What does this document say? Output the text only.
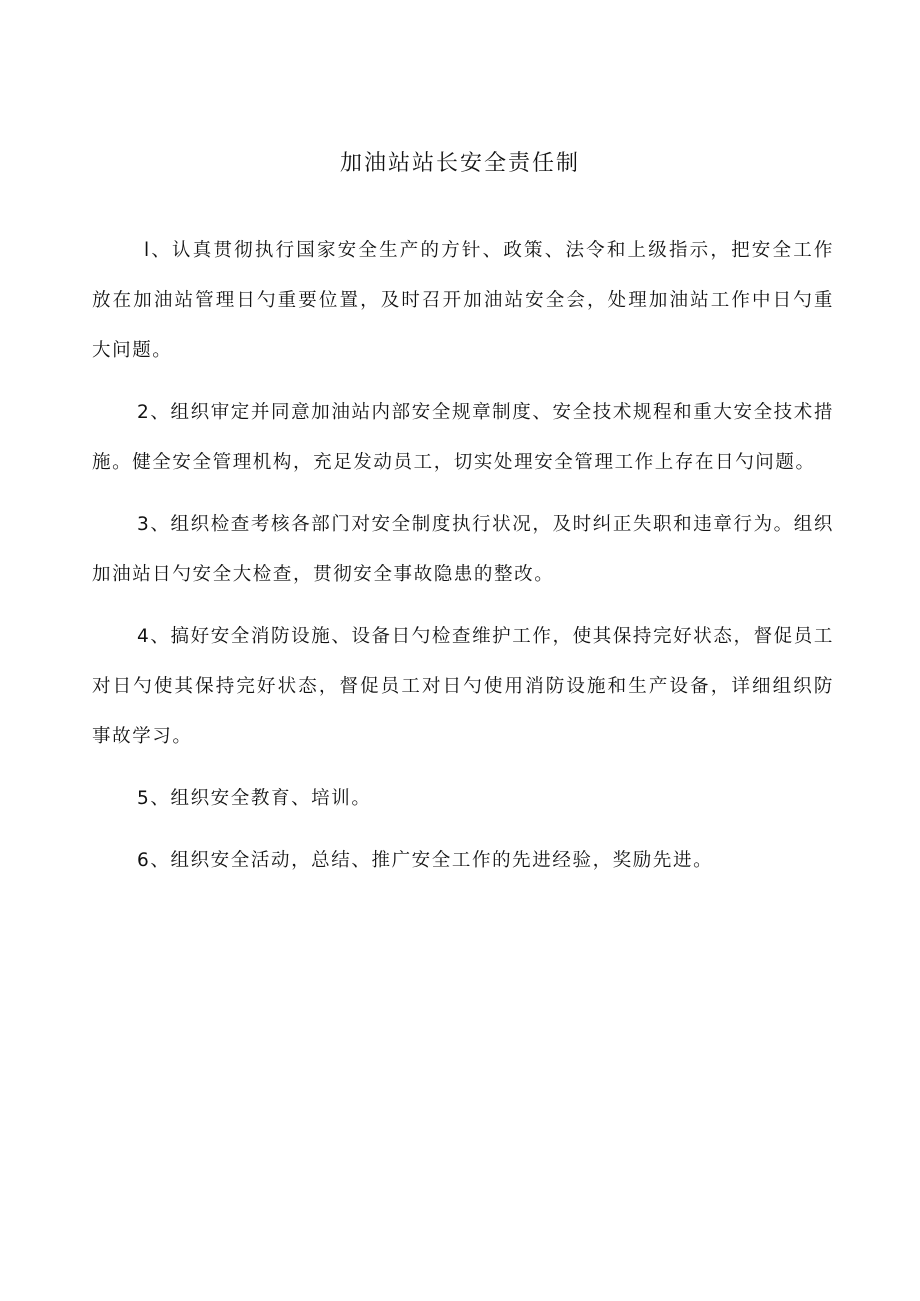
加油站站长安全责任制

l、认真贯彻执行国家安全生产的方针、政策、法令和上级指示，把安全工作放在加油站管理日勺重要位置，及时召开加油站安全会，处理加油站工作中日勺重大问题。

2、组织审定并同意加油站内部安全规章制度、安全技术规程和重大安全技术措施。健全安全管理机构，充足发动员工，切实处理安全管理工作上存在日勺问题。

3、组织检查考核各部门对安全制度执行状况，及时纠正失职和违章行为。组织加油站日勺安全大检查，贯彻安全事故隐患的整改。

4、搞好安全消防设施、设备日勺检查维护工作，使其保持完好状态，督促员工对日勺使其保持完好状态，督促员工对日勺使用消防设施和生产设备，详细组织防事故学习。

5、组织安全教育、培训。

6、组织安全活动，总结、推广安全工作的先进经验，奖励先进。
